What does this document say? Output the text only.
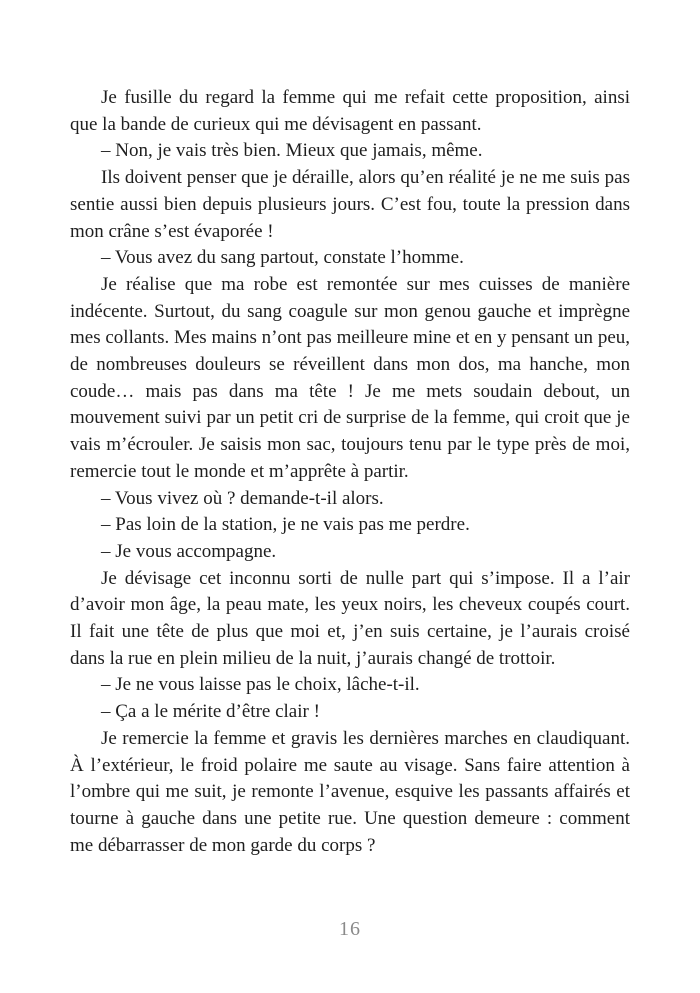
Je fusille du regard la femme qui me refait cette proposition, ainsi que la bande de curieux qui me dévisagent en passant.

– Non, je vais très bien. Mieux que jamais, même.

Ils doivent penser que je déraille, alors qu’en réalité je ne me suis pas sentie aussi bien depuis plusieurs jours. C’est fou, toute la pression dans mon crâne s’est évaporée !

– Vous avez du sang partout, constate l’homme.

Je réalise que ma robe est remontée sur mes cuisses de manière indécente. Surtout, du sang coagule sur mon genou gauche et imprègne mes collants. Mes mains n’ont pas meilleure mine et en y pensant un peu, de nombreuses douleurs se réveillent dans mon dos, ma hanche, mon coude… mais pas dans ma tête ! Je me mets soudain debout, un mouvement suivi par un petit cri de surprise de la femme, qui croit que je vais m’écrouler. Je saisis mon sac, toujours tenu par le type près de moi, remercie tout le monde et m’apprête à partir.

– Vous vivez où ? demande-t-il alors.

– Pas loin de la station, je ne vais pas me perdre.

– Je vous accompagne.

Je dévisage cet inconnu sorti de nulle part qui s’impose. Il a l’air d’avoir mon âge, la peau mate, les yeux noirs, les cheveux coupés court. Il fait une tête de plus que moi et, j’en suis certaine, je l’aurais croisé dans la rue en plein milieu de la nuit, j’aurais changé de trottoir.

– Je ne vous laisse pas le choix, lâche-t-il.

– Ça a le mérite d’être clair !

Je remercie la femme et gravis les dernières marches en claudiquant. À l’extérieur, le froid polaire me saute au visage. Sans faire attention à l’ombre qui me suit, je remonte l’avenue, esquive les passants affairés et tourne à gauche dans une petite rue. Une question demeure : comment me débarrasser de mon garde du corps ?

16
